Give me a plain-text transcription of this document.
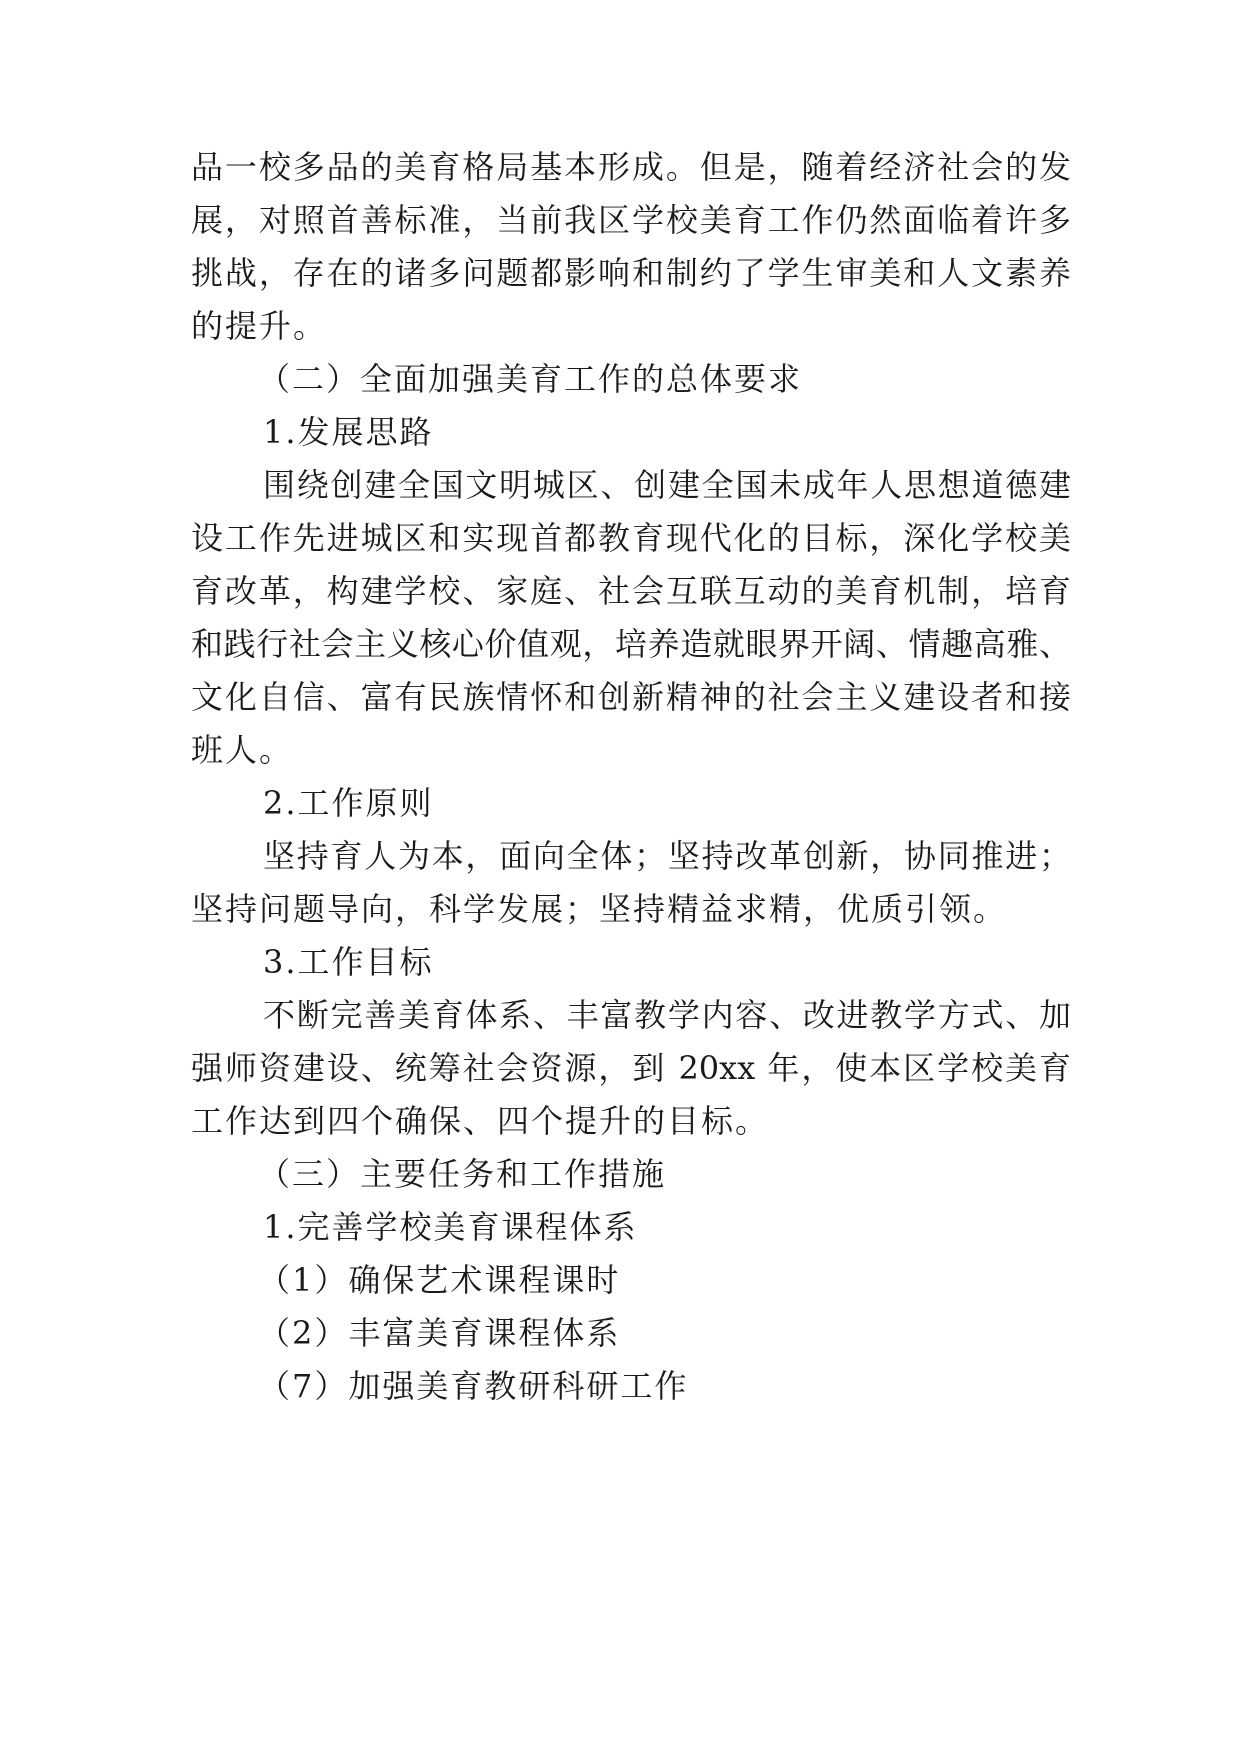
品一校多品的美育格局基本形成。但是，随着经济社会的发
展，对照首善标准，当前我区学校美育工作仍然面临着许多
挑战，存在的诸多问题都影响和制约了学生审美和人文素养
的提升。
（二）全面加强美育工作的总体要求
1.发展思路
围绕创建全国文明城区、创建全国未成年人思想道德建
设工作先进城区和实现首都教育现代化的目标，深化学校美
育改革，构建学校、家庭、社会互联互动的美育机制，培育
和践行社会主义核心价值观，培养造就眼界开阔、情趣高雅、
文化自信、富有民族情怀和创新精神的社会主义建设者和接
班人。
2.工作原则
坚持育人为本，面向全体；坚持改革创新，协同推进；
坚持问题导向，科学发展；坚持精益求精，优质引领。
3.工作目标
不断完善美育体系、丰富教学内容、改进教学方式、加
强师资建设、统筹社会资源，到 20xx 年，使本区学校美育
工作达到四个确保、四个提升的目标。
（三）主要任务和工作措施
1.完善学校美育课程体系
（1）确保艺术课程课时
（2）丰富美育课程体系
（7）加强美育教研科研工作
